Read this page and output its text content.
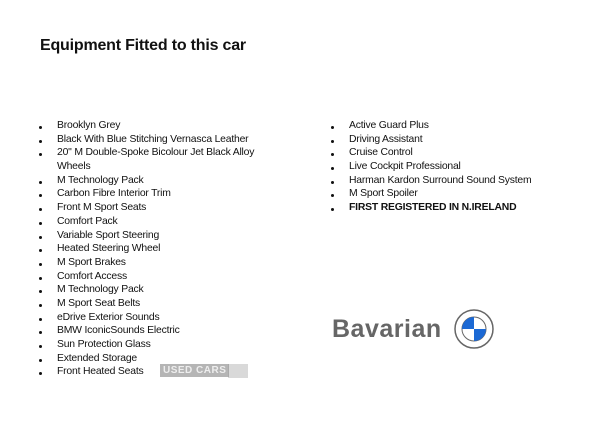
Equipment Fitted to this car
Brooklyn Grey
Black With Blue Stitching Vernasca Leather
20" M Double-Spoke Bicolour Jet Black Alloy
Wheels
M Technology Pack
Carbon Fibre Interior Trim
Front M Sport Seats
Comfort Pack
Variable Sport Steering
Heated Steering Wheel
M Sport Brakes
Comfort Access
M Technology Pack
M Sport Seat Belts
eDrive Exterior Sounds
BMW IconicSounds Electric
Sun Protection Glass
Extended Storage
Front Heated Seats
Active Guard Plus
Driving Assistant
Cruise Control
Live Cockpit Professional
Harman Kardon Surround Sound System
M Sport Spoiler
FIRST REGISTERED IN N.IRELAND
Bavarian
USED CARS
